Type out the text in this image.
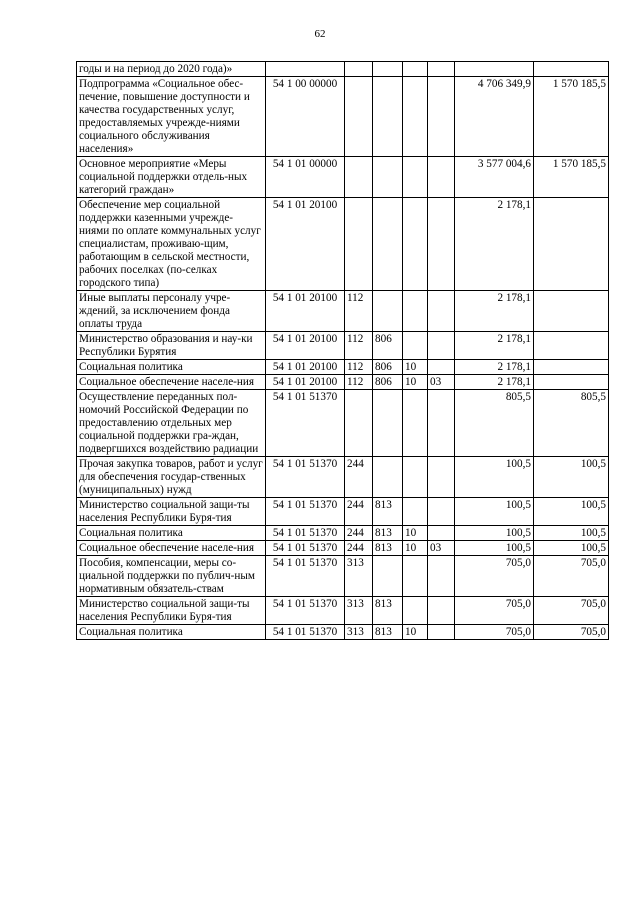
62
годы и на период до 2020 года)»							
Подпрограмма «Социальное обес-печение, повышение доступности и качества государственных услуг, предоставляемых учрежде-ниями социального обслуживания населения»	54 1 00 00000					4 706 349,9	1 570 185,5
Основное мероприятие «Меры социальной поддержки отдель-ных категорий граждан»	54 1 01 00000					3 577 004,6	1 570 185,5
Обеспечение мер социальной поддержки казенными учрежде-ниями по оплате коммунальных услуг специалистам, проживаю-щим, работающим в сельской местности, рабочих поселках (по-селках городского типа)	54 1 01 20100					2 178,1	
Иные выплаты персоналу учре-ждений, за исключением фонда оплаты труда	54 1 01 20100	112				2 178,1	
Министерство образования и нау-ки Республики Бурятия	54 1 01 20100	112	806			2 178,1	
Социальная политика	54 1 01 20100	112	806	10		2 178,1	
Социальное обеспечение населе-ния	54 1 01 20100	112	806	10	03	2 178,1	
Осуществление переданных пол-номочий Российской Федерации по предоставлению отдельных мер социальной поддержки гра-ждан, подвергшихся воздействию радиации	54 1 01 51370					805,5	805,5
Прочая закупка товаров, работ и услуг для обеспечения государ-ственных (муниципальных) нужд	54 1 01 51370	244				100,5	100,5
Министерство социальной защи-ты населения Республики Буря-тия	54 1 01 51370	244	813			100,5	100,5
Социальная политика	54 1 01 51370	244	813	10		100,5	100,5
Социальное обеспечение населе-ния	54 1 01 51370	244	813	10	03	100,5	100,5
Пособия, компенсации, меры со-циальной поддержки по публич-ным нормативным обязатель-ствам	54 1 01 51370	313				705,0	705,0
Министерство социальной защи-ты населения Республики Буря-тия	54 1 01 51370	313	813			705,0	705,0
Социальная политика	54 1 01 51370	313	813	10		705,0	705,0
